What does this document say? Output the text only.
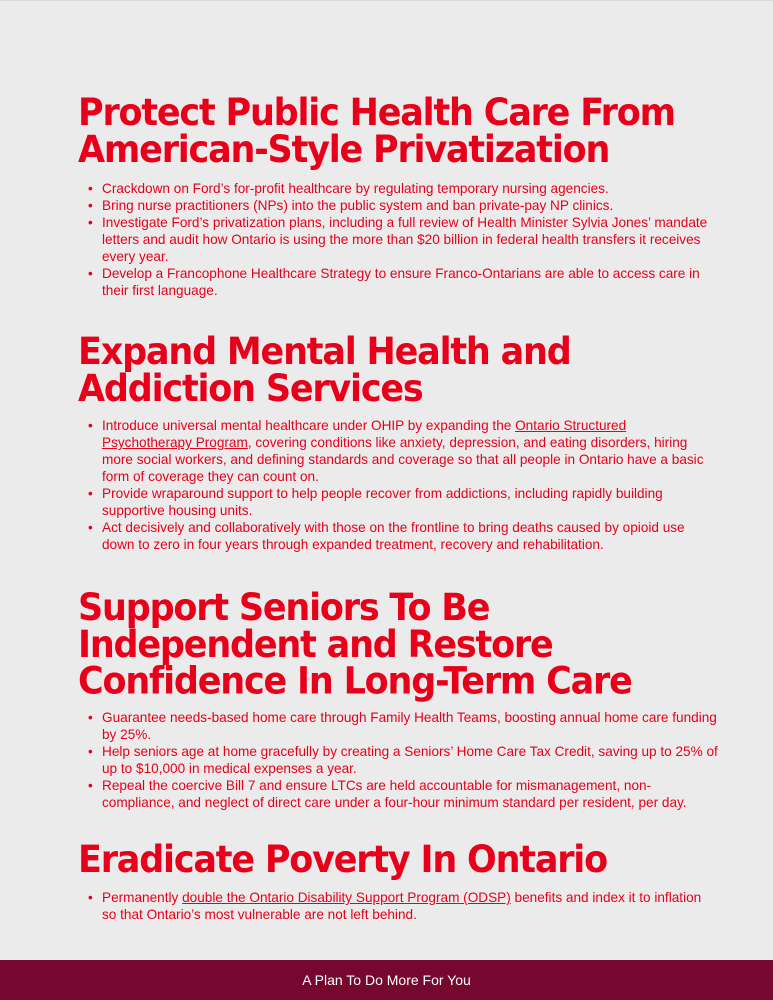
Protect Public Health Care From
American-Style Privatization
• Crackdown on Ford’s for-profit healthcare by regulating temporary nursing agencies.
• Bring nurse practitioners (NPs) into the public system and ban private-pay NP clinics.
• Investigate Ford’s privatization plans, including a full review of Health Minister Sylvia Jones’ mandate letters and audit how Ontario is using the more than $20 billion in federal health transfers it receives every year.
• Develop a Francophone Healthcare Strategy to ensure Franco-Ontarians are able to access care in their first language.
Expand Mental Health and
Addiction Services
• Introduce universal mental healthcare under OHIP by expanding the Ontario Structured Psychotherapy Program, covering conditions like anxiety, depression, and eating disorders, hiring more social workers, and defining standards and coverage so that all people in Ontario have a basic form of coverage they can count on.
• Provide wraparound support to help people recover from addictions, including rapidly building supportive housing units.
• Act decisively and collaboratively with those on the frontline to bring deaths caused by opioid use down to zero in four years through expanded treatment, recovery and rehabilitation.
Support Seniors To Be
Independent and Restore
Confidence In Long-Term Care
• Guarantee needs-based home care through Family Health Teams, boosting annual home care funding by 25%.
• Help seniors age at home gracefully by creating a Seniors’ Home Care Tax Credit, saving up to 25% of up to $10,000 in medical expenses a year.
• Repeal the coercive Bill 7 and ensure LTCs are held accountable for mismanagement, non-compliance, and neglect of direct care under a four-hour minimum standard per resident, per day.
Eradicate Poverty In Ontario
• Permanently double the Ontario Disability Support Program (ODSP) benefits and index it to inflation so that Ontario’s most vulnerable are not left behind.
A Plan To Do More For You
